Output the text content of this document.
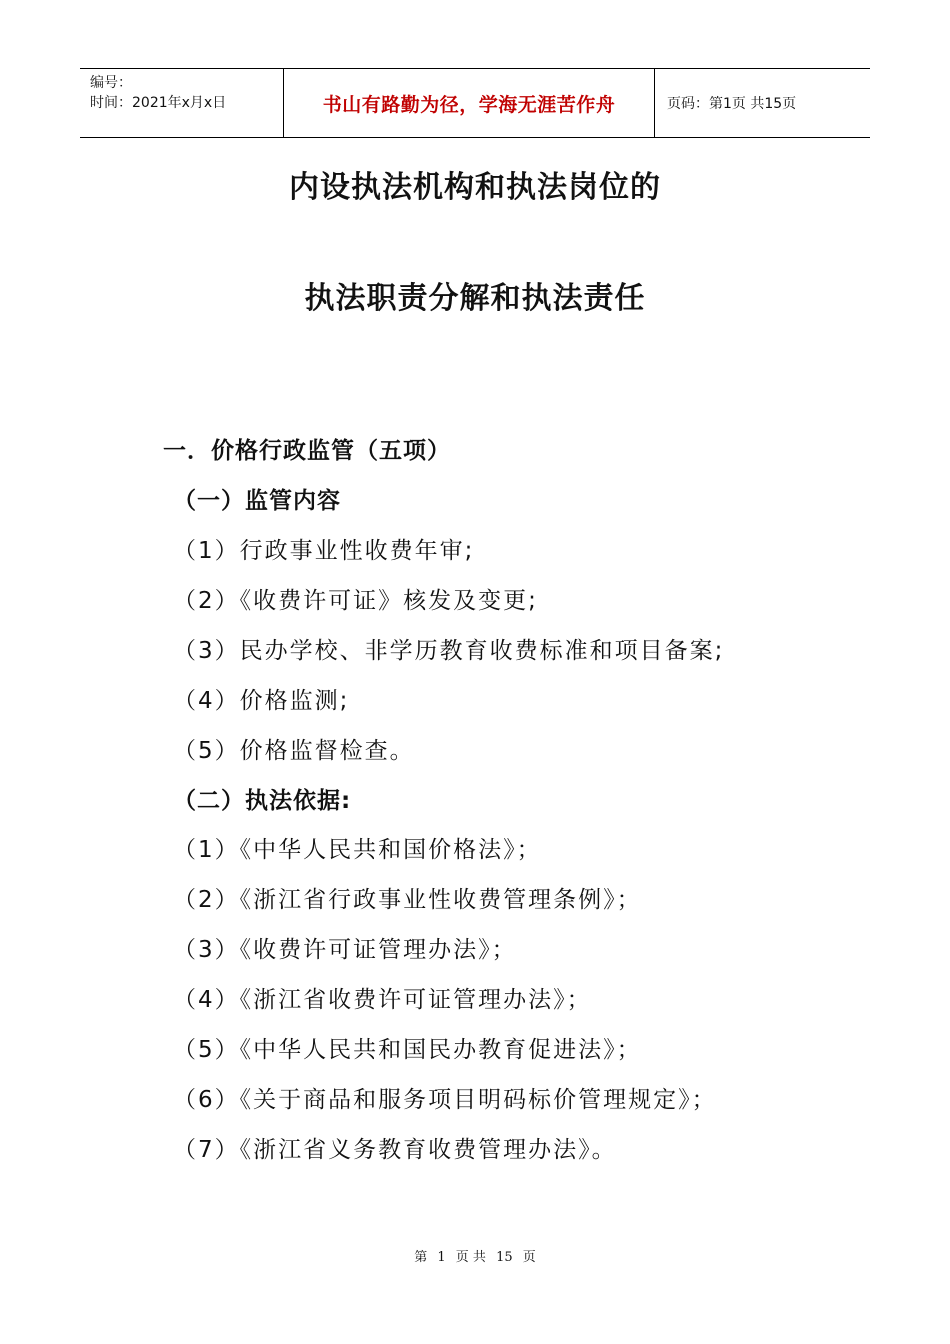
编号：
时间：2021年x月x日	书山有路勤为径，学海无涯苦作舟	页码：第1页 共15页
内设执法机构和执法岗位的
执法职责分解和执法责任
一．价格行政监管（五项）
（一）监管内容
（1）行政事业性收费年审;
（2）《收费许可证》核发及变更;
（3）民办学校、非学历教育收费标准和项目备案;
（4）价格监测;
（5）价格监督检查。
（二）执法依据:
（1）《中华人民共和国价格法》；
（2）《浙江省行政事业性收费管理条例》；
（3）《收费许可证管理办法》；
（4）《浙江省收费许可证管理办法》；
（5）《中华人民共和国民办教育促进法》；
（6）《关于商品和服务项目明码标价管理规定》；
（7）《浙江省义务教育收费管理办法》。
第 1 页 共 15 页
